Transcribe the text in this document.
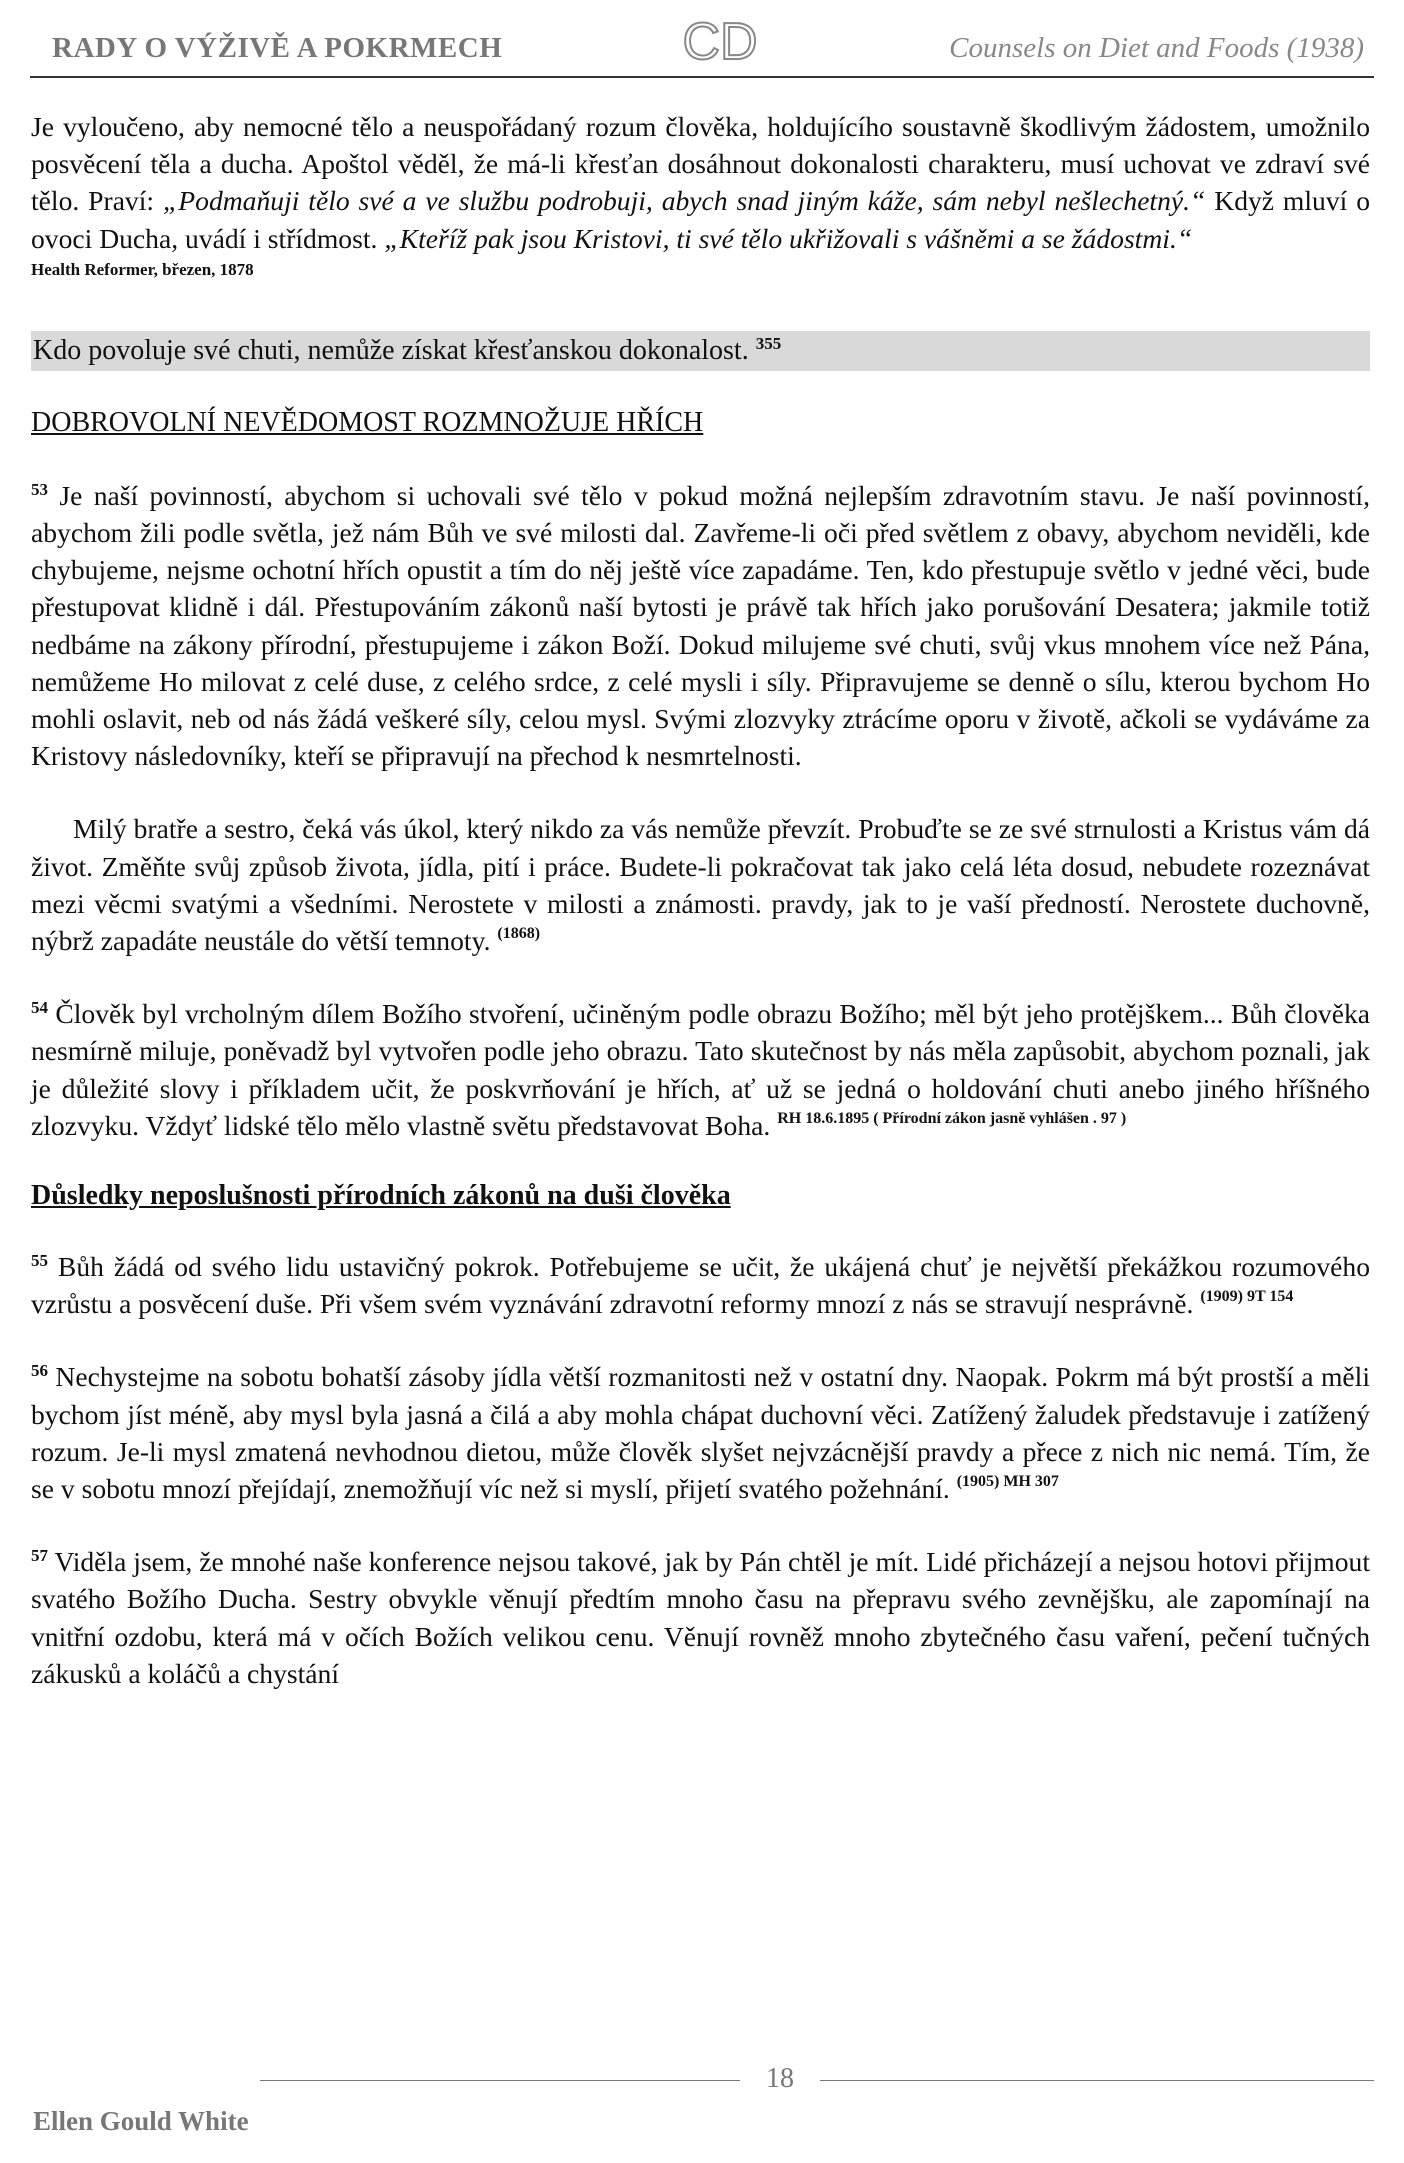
RADY O VÝŽIVĚ A POKRMECH	CD	Counsels on Diet and Foods (1938)

Je vyloučeno, aby nemocné tělo a neuspořádaný rozum člověka, holdujícího soustavně škodlivým žádostem, umožnilo posvěcení těla a ducha. Apoštol věděl, že má-li křesťan dosáhnout dokonalosti charakteru, musí uchovat ve zdraví své tělo. Praví: „Podmaňuji tělo své a ve službu podrobuji, abych snad jiným káže, sám nebyl nešlechetný.“ Když mluví o ovoci Ducha, uvádí i střídmost. „Kteříž pak jsou Kristovi, ti své tělo ukřižovali s vášněmi a se žádostmi.“
Health Reformer, březen, 1878

Kdo povoluje své chuti, nemůže získat křesťanskou dokonalost. $^{355}$
DOBROVOLNÍ NEVĚDOMOST ROZMNOŽUJE HŘÍCH

$^{53}$ Je naší povinností, abychom si uchovali své tělo v pokud možná nejlepším zdravotním stavu. Je naší povinností, abychom žili podle světla, jež nám Bůh ve své milosti dal. Zavřeme-li oči před světlem z obavy, abychom neviděli, kde chybujeme, nejsme ochotní hřích opustit a tím do něj ještě více zapadáme. Ten, kdo přestupuje světlo v jedné věci, bude přestupovat klidně i dál. Přestupováním zákonů naší bytosti je právě tak hřích jako porušování Desatera; jakmile totiž nedbáme na zákony přírodní, přestupujeme i zákon Boží. Dokud milujeme své chuti, svůj vkus mnohem více než Pána, nemůžeme Ho milovat z celé duse, z celého srdce, z celé mysli i síly. Připravujeme se denně o sílu, kterou bychom Ho mohli oslavit, neb od nás žádá veškeré síly, celou mysl. Svými zlozvyky ztrácíme oporu v životě, ačkoli se vydáváme za Kristovy následovníky, kteří se připravují na přechod k nesmrtelnosti.

Milý bratře a sestro, čeká vás úkol, který nikdo za vás nemůže převzít. Probuďte se ze své strnulosti a Kristus vám dá život. Změňte svůj způsob života, jídla, pití i práce. Budete-li pokračovat tak jako celá léta dosud, nebudete rozeznávat mezi věcmi svatými a všedními. Nerostete v milosti a známosti. pravdy, jak to je vaší předností. Nerostete duchovně, nýbrž zapadáte neustále do větší temnoty. $^{(1868)}$

$^{54}$ Člověk byl vrcholným dílem Božího stvoření, učiněným podle obrazu Božího; měl být jeho protějškem... Bůh člověka nesmírně miluje, poněvadž byl vytvořen podle jeho obrazu. Tato skutečnost by nás měla zapůsobit, abychom poznali, jak je důležité slovy i příkladem učit, že poskvrňování je hřích, ať už se jedná o holdování chuti anebo jiného hříšného zlozvyku. Vždyť lidské tělo mělo vlastně světu představovat Boha. $^{RH 18.6.1895 ( Přírodní zákon jasně vyhlášen . 97 )}$

Důsledky neposlušnosti přírodních zákonů na duši člověka

$^{55}$ Bůh žádá od svého lidu ustavičný pokrok. Potřebujeme se učit, že ukájená chuť je největší překážkou rozumového vzrůstu a posvěcení duše. Při všem svém vyznávání zdravotní reformy mnozí z nás se stravují nesprávně. $^{(1909) 9T 154}$

$^{56}$ Nechystejme na sobotu bohatší zásoby jídla větší rozmanitosti než v ostatní dny. Naopak. Pokrm má být prostší a měli bychom jíst méně, aby mysl byla jasná a čilá a aby mohla chápat duchovní věci. Zatížený žaludek představuje i zatížený rozum. Je-li mysl zmatená nevhodnou dietou, může člověk slyšet nejvzácnější pravdy a přece z nich nic nemá. Tím, že se v sobotu mnozí přejídají, znemožňují víc než si myslí, přijetí svatého požehnání. $^{(1905) MH 307}$

$^{57}$ Viděla jsem, že mnohé naše konference nejsou takové, jak by Pán chtěl je mít. Lidé přicházejí a nejsou hotovi přijmout svatého Božího Ducha. Sestry obvykle věnují předtím mnoho času na přepravu svého zevnějšku, ale zapomínají na vnitřní ozdobu, která má v očích Božích velikou cenu. Věnují rovněž mnoho zbytečného času vaření, pečení tučných zákusků a koláčů a chystání

18
Ellen Gould White
